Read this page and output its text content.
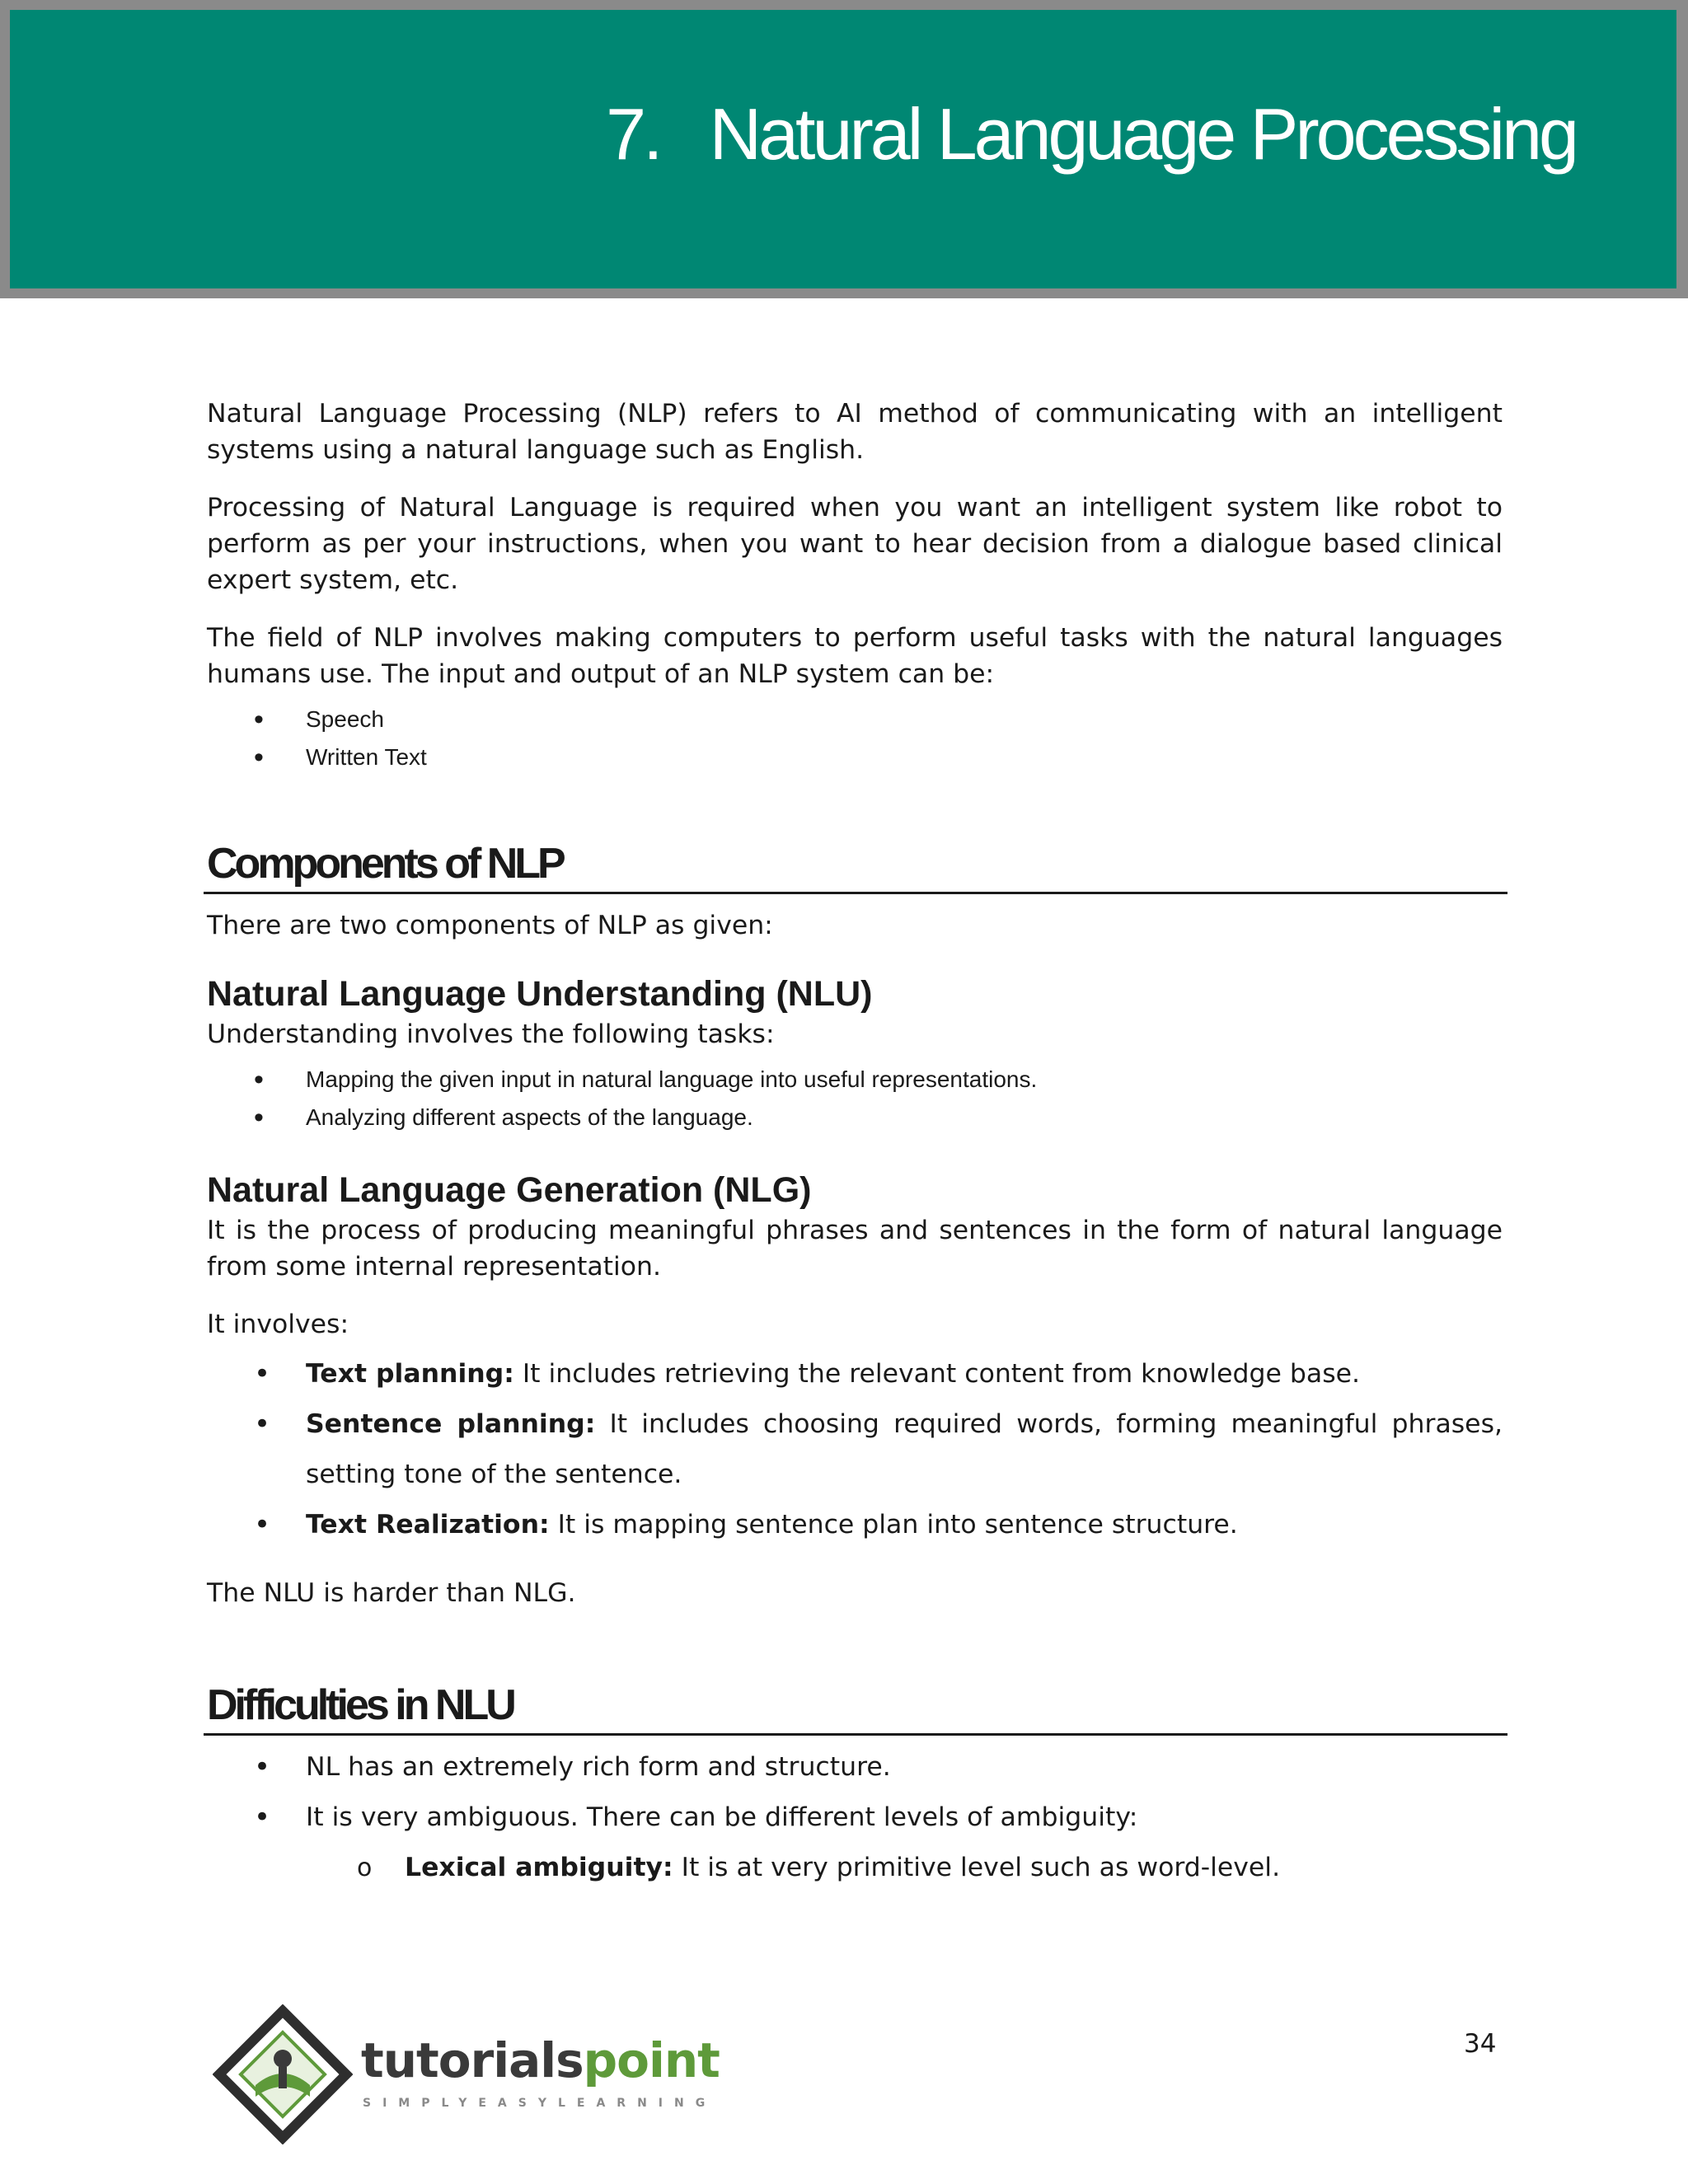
7. Natural Language Processing

Natural Language Processing (NLP) refers to AI method of communicating with an intelligent systems using a natural language such as English.

Processing of Natural Language is required when you want an intelligent system like robot to perform as per your instructions, when you want to hear decision from a dialogue based clinical expert system, etc.

The field of NLP involves making computers to perform useful tasks with the natural languages humans use. The input and output of an NLP system can be:

• Speech
• Written Text
Components of NLP

There are two components of NLP as given:

Natural Language Understanding (NLU)

Understanding involves the following tasks:

• Mapping the given input in natural language into useful representations.
• Analyzing different aspects of the language.
Natural Language Generation (NLG)

It is the process of producing meaningful phrases and sentences in the form of natural language from some internal representation.

It involves:

• Text planning: It includes retrieving the relevant content from knowledge base.
• Sentence planning: It includes choosing required words, forming meaningful phrases, setting tone of the sentence.
• Text Realization: It is mapping sentence plan into sentence structure.

The NLU is harder than NLG.

Difficulties in NLU
• NL has an extremely rich form and structure.
• It is very ambiguous. There can be different levels of ambiguity:
o Lexical ambiguity: It is at very primitive level such as word-level.
tutorialspoint
SIMPLYEASYLEARNING
34
